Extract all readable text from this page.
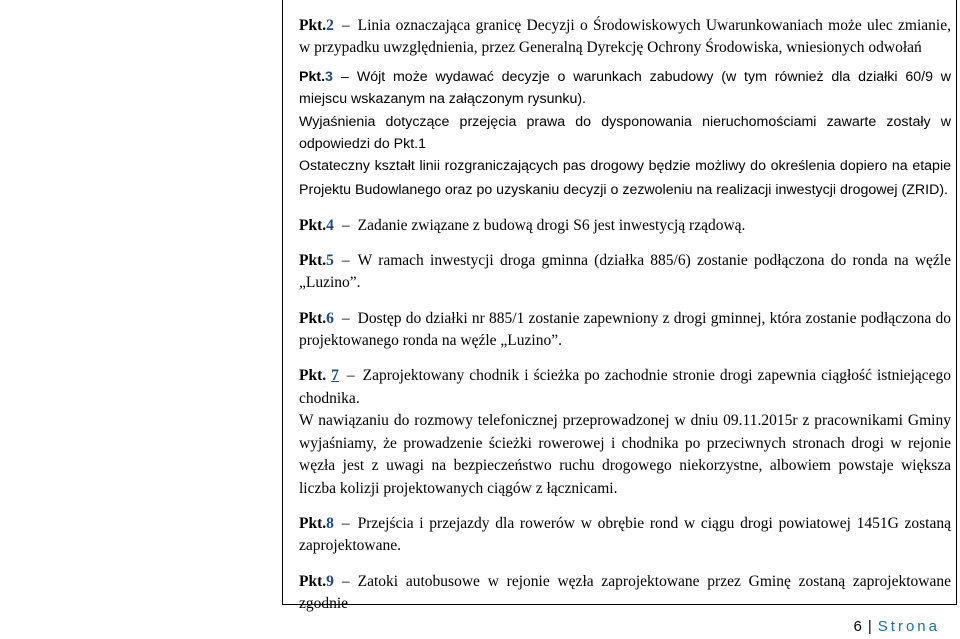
Pkt.2 – Linia oznaczająca granicę Decyzji o Środowiskowych Uwarunkowaniach może ulec zmianie, w przypadku uwzględnienia, przez Generalną Dyrekcję Ochrony Środowiska, wniesionych odwołań

Pkt.3 – Wójt może wydawać decyzje o warunkach zabudowy (w tym również dla działki 60/9 w miejscu wskazanym na załączonym rysunku).

Wyjaśnienia dotyczące przejęcia prawa do dysponowania nieruchomościami zawarte zostały w odpowiedzi do Pkt.1

Ostateczny kształt linii rozgraniczających pas drogowy będzie możliwy do określenia dopiero na etapie Projektu Budowlanego oraz po uzyskaniu decyzji o zezwoleniu na realizacji inwestycji drogowej (ZRID).

Pkt.4 – Zadanie związane z budową drogi S6 jest inwestycją rządową.

Pkt.5 – W ramach inwestycji droga gminna (działka 885/6) zostanie podłączona do ronda na węźle „Luzino”.

Pkt.6 – Dostęp do działki nr 885/1 zostanie zapewniony z drogi gminnej, która zostanie podłączona do projektowanego ronda na węźle „Luzino”.

Pkt. 7 – Zaprojektowany chodnik i ścieżka po zachodnie stronie drogi zapewnia ciągłość istniejącego chodnika.

W nawiązaniu do rozmowy telefonicznej przeprowadzonej w dniu 09.11.2015r z pracownikami Gminy wyjaśniamy, że prowadzenie ścieżki rowerowej i chodnika po przeciwnych stronach drogi w rejonie węzła jest z uwagi na bezpieczeństwo ruchu drogowego niekorzystne, albowiem powstaje większa liczba kolizji projektowanych ciągów z łącznicami.

Pkt.8 – Przejścia i przejazdy dla rowerów w obrębie rond w ciągu drogi powiatowej 1451G zostaną zaprojektowane.

Pkt.9 – Zatoki autobusowe w rejonie węzła zaprojektowane przez Gminę zostaną zaprojektowane zgodnie

6 | Strona
